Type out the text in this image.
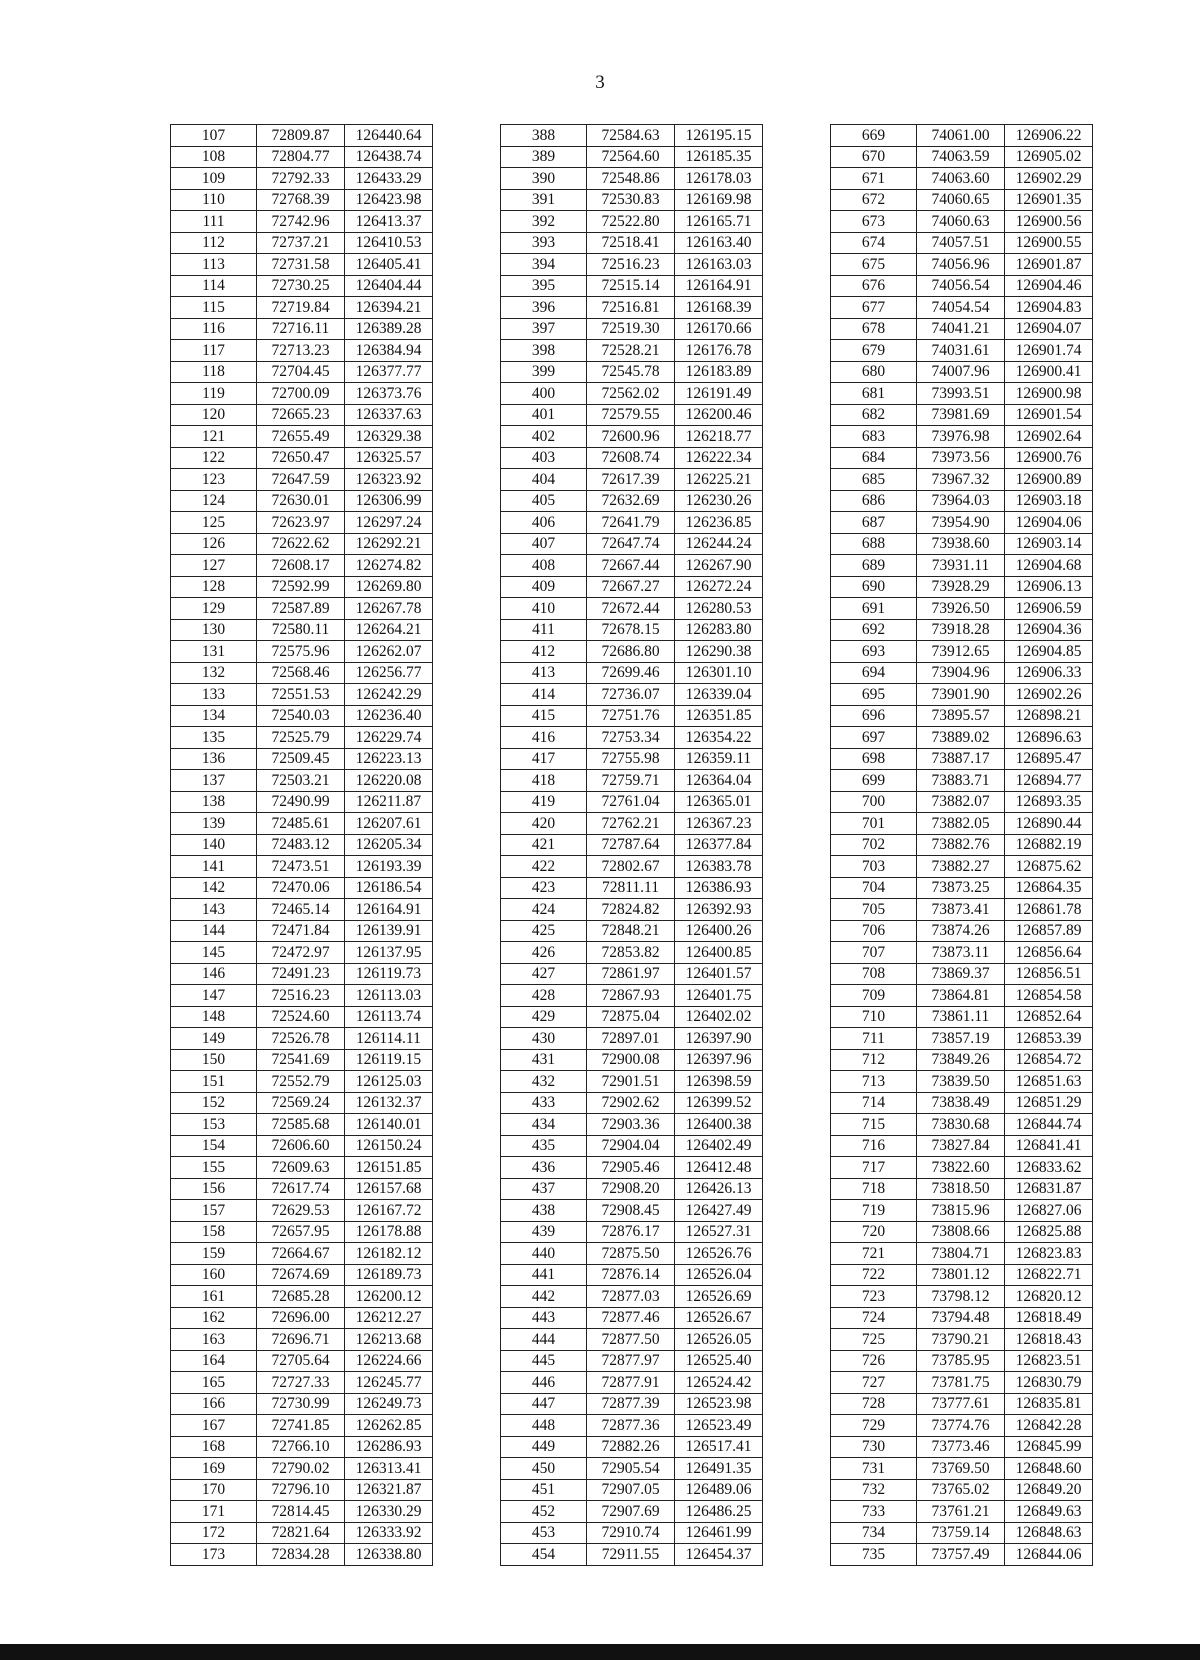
3
107	72809.87	126440.64
108	72804.77	126438.74
109	72792.33	126433.29
110	72768.39	126423.98
111	72742.96	126413.37
112	72737.21	126410.53
113	72731.58	126405.41
114	72730.25	126404.44
115	72719.84	126394.21
116	72716.11	126389.28
117	72713.23	126384.94
118	72704.45	126377.77
119	72700.09	126373.76
120	72665.23	126337.63
121	72655.49	126329.38
122	72650.47	126325.57
123	72647.59	126323.92
124	72630.01	126306.99
125	72623.97	126297.24
126	72622.62	126292.21
127	72608.17	126274.82
128	72592.99	126269.80
129	72587.89	126267.78
130	72580.11	126264.21
131	72575.96	126262.07
132	72568.46	126256.77
133	72551.53	126242.29
134	72540.03	126236.40
135	72525.79	126229.74
136	72509.45	126223.13
137	72503.21	126220.08
138	72490.99	126211.87
139	72485.61	126207.61
140	72483.12	126205.34
141	72473.51	126193.39
142	72470.06	126186.54
143	72465.14	126164.91
144	72471.84	126139.91
145	72472.97	126137.95
146	72491.23	126119.73
147	72516.23	126113.03
148	72524.60	126113.74
149	72526.78	126114.11
150	72541.69	126119.15
151	72552.79	126125.03
152	72569.24	126132.37
153	72585.68	126140.01
154	72606.60	126150.24
155	72609.63	126151.85
156	72617.74	126157.68
157	72629.53	126167.72
158	72657.95	126178.88
159	72664.67	126182.12
160	72674.69	126189.73
161	72685.28	126200.12
162	72696.00	126212.27
163	72696.71	126213.68
164	72705.64	126224.66
165	72727.33	126245.77
166	72730.99	126249.73
167	72741.85	126262.85
168	72766.10	126286.93
169	72790.02	126313.41
170	72796.10	126321.87
171	72814.45	126330.29
172	72821.64	126333.92
173	72834.28	126338.80
388	72584.63	126195.15
389	72564.60	126185.35
390	72548.86	126178.03
391	72530.83	126169.98
392	72522.80	126165.71
393	72518.41	126163.40
394	72516.23	126163.03
395	72515.14	126164.91
396	72516.81	126168.39
397	72519.30	126170.66
398	72528.21	126176.78
399	72545.78	126183.89
400	72562.02	126191.49
401	72579.55	126200.46
402	72600.96	126218.77
403	72608.74	126222.34
404	72617.39	126225.21
405	72632.69	126230.26
406	72641.79	126236.85
407	72647.74	126244.24
408	72667.44	126267.90
409	72667.27	126272.24
410	72672.44	126280.53
411	72678.15	126283.80
412	72686.80	126290.38
413	72699.46	126301.10
414	72736.07	126339.04
415	72751.76	126351.85
416	72753.34	126354.22
417	72755.98	126359.11
418	72759.71	126364.04
419	72761.04	126365.01
420	72762.21	126367.23
421	72787.64	126377.84
422	72802.67	126383.78
423	72811.11	126386.93
424	72824.82	126392.93
425	72848.21	126400.26
426	72853.82	126400.85
427	72861.97	126401.57
428	72867.93	126401.75
429	72875.04	126402.02
430	72897.01	126397.90
431	72900.08	126397.96
432	72901.51	126398.59
433	72902.62	126399.52
434	72903.36	126400.38
435	72904.04	126402.49
436	72905.46	126412.48
437	72908.20	126426.13
438	72908.45	126427.49
439	72876.17	126527.31
440	72875.50	126526.76
441	72876.14	126526.04
442	72877.03	126526.69
443	72877.46	126526.67
444	72877.50	126526.05
445	72877.97	126525.40
446	72877.91	126524.42
447	72877.39	126523.98
448	72877.36	126523.49
449	72882.26	126517.41
450	72905.54	126491.35
451	72907.05	126489.06
452	72907.69	126486.25
453	72910.74	126461.99
454	72911.55	126454.37
669	74061.00	126906.22
670	74063.59	126905.02
671	74063.60	126902.29
672	74060.65	126901.35
673	74060.63	126900.56
674	74057.51	126900.55
675	74056.96	126901.87
676	74056.54	126904.46
677	74054.54	126904.83
678	74041.21	126904.07
679	74031.61	126901.74
680	74007.96	126900.41
681	73993.51	126900.98
682	73981.69	126901.54
683	73976.98	126902.64
684	73973.56	126900.76
685	73967.32	126900.89
686	73964.03	126903.18
687	73954.90	126904.06
688	73938.60	126903.14
689	73931.11	126904.68
690	73928.29	126906.13
691	73926.50	126906.59
692	73918.28	126904.36
693	73912.65	126904.85
694	73904.96	126906.33
695	73901.90	126902.26
696	73895.57	126898.21
697	73889.02	126896.63
698	73887.17	126895.47
699	73883.71	126894.77
700	73882.07	126893.35
701	73882.05	126890.44
702	73882.76	126882.19
703	73882.27	126875.62
704	73873.25	126864.35
705	73873.41	126861.78
706	73874.26	126857.89
707	73873.11	126856.64
708	73869.37	126856.51
709	73864.81	126854.58
710	73861.11	126852.64
711	73857.19	126853.39
712	73849.26	126854.72
713	73839.50	126851.63
714	73838.49	126851.29
715	73830.68	126844.74
716	73827.84	126841.41
717	73822.60	126833.62
718	73818.50	126831.87
719	73815.96	126827.06
720	73808.66	126825.88
721	73804.71	126823.83
722	73801.12	126822.71
723	73798.12	126820.12
724	73794.48	126818.49
725	73790.21	126818.43
726	73785.95	126823.51
727	73781.75	126830.79
728	73777.61	126835.81
729	73774.76	126842.28
730	73773.46	126845.99
731	73769.50	126848.60
732	73765.02	126849.20
733	73761.21	126849.63
734	73759.14	126848.63
735	73757.49	126844.06
